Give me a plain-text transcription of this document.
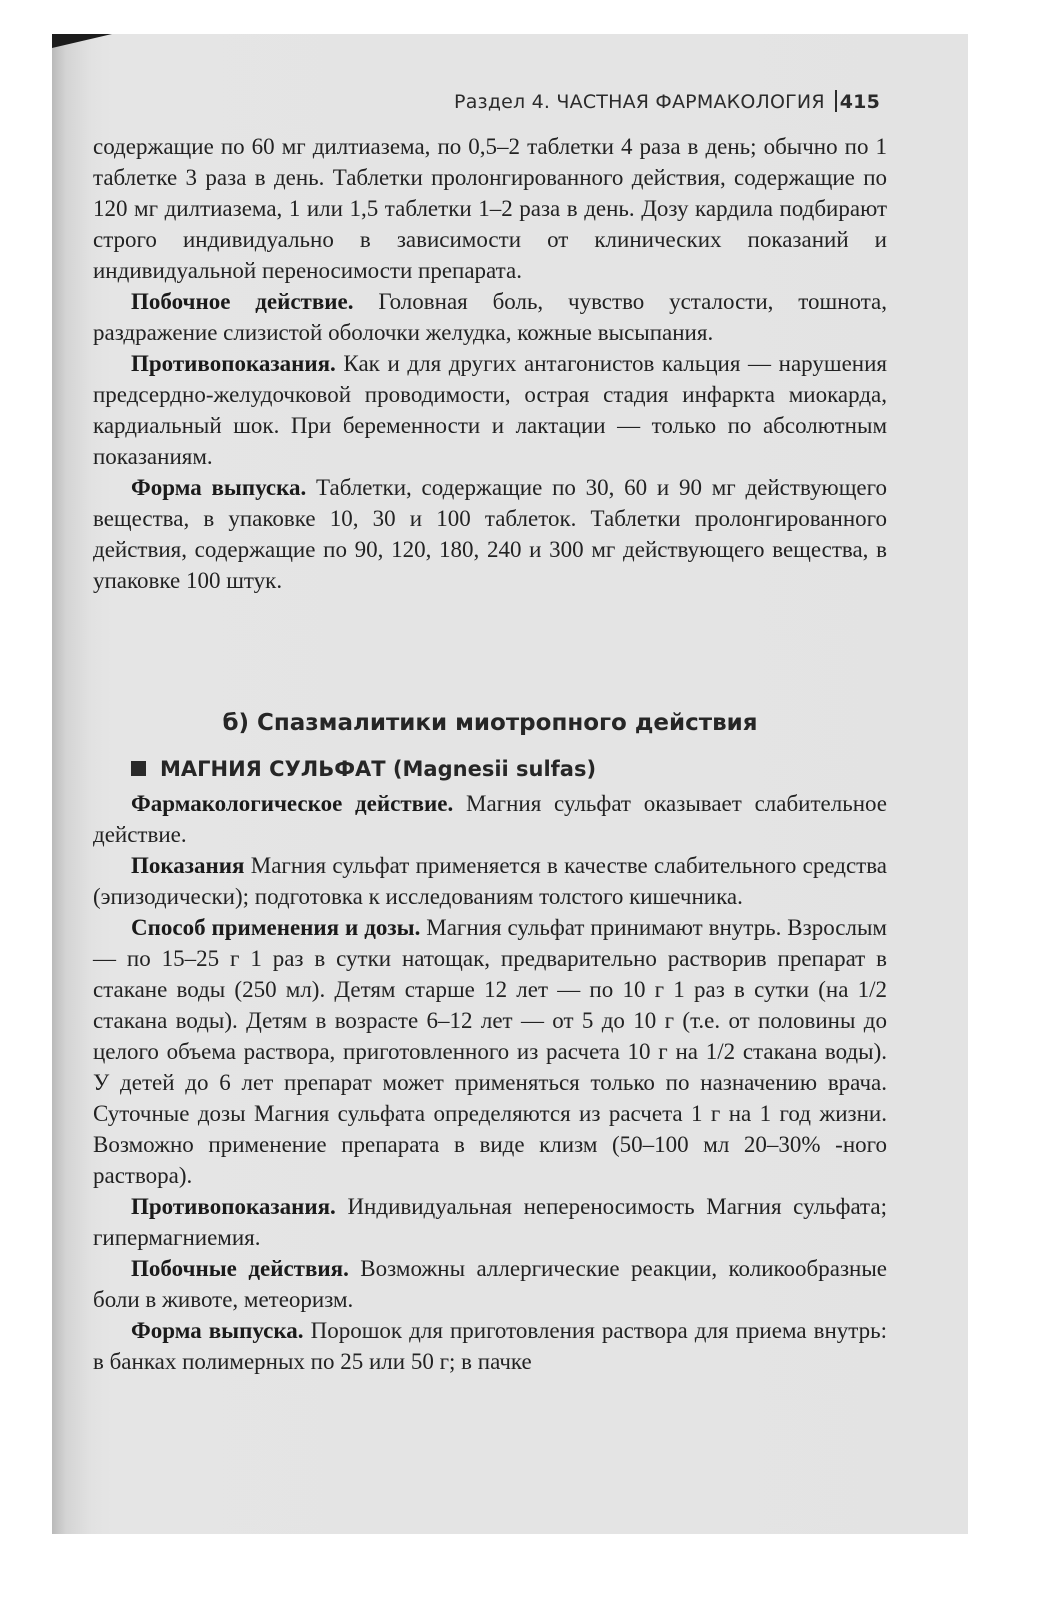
Раздел 4. ЧАСТНАЯ ФАРМАКОЛОГИЯ 415

содержащие по 60 мг дилтиазема, по 0,5–2 таблетки 4 раза в день; обычно по 1 таблетке 3 раза в день. Таблетки пролонгированного действия, содержащие по 120 мг дилтиазема, 1 или 1,5 таблетки 1–2 раза в день. Дозу кардила подбирают строго индивидуально в зависимости от клинических показаний и индивидуальной переносимости препарата.

Побочное действие. Головная боль, чувство усталости, тошнота, раздражение слизистой оболочки желудка, кожные высыпания.

Противопоказания. Как и для других антагонистов кальция — нарушения предсердно-желудочковой проводимости, острая стадия инфаркта миокарда, кардиальный шок. При беременности и лактации — только по абсолютным показаниям.

Форма выпуска. Таблетки, содержащие по 30, 60 и 90 мг действующего вещества, в упаковке 10, 30 и 100 таблеток. Таблетки пролонгированного действия, содержащие по 90, 120, 180, 240 и 300 мг действующего вещества, в упаковке 100 штук.

б) Спазмалитики миотропного действия
МАГНИЯ СУЛЬФАТ (Magnesii sulfas)

Фармакологическое действие. Магния сульфат оказывает слабительное действие.

Показания Магния сульфат применяется в качестве слабительного средства (эпизодически); подготовка к исследованиям толстого кишечника.

Способ применения и дозы. Магния сульфат принимают внутрь. Взрослым — по 15–25 г 1 раз в сутки натощак, предварительно растворив препарат в стакане воды (250 мл). Детям старше 12 лет — по 10 г 1 раз в сутки (на 1/2 стакана воды). Детям в возрасте 6–12 лет — от 5 до 10 г (т.е. от половины до целого объема раствора, приготовленного из расчета 10 г на 1/2 стакана воды). У детей до 6 лет препарат может применяться только по назначению врача. Суточные дозы Магния сульфата определяются из расчета 1 г на 1 год жизни. Возможно применение препарата в виде клизм (50–100 мл 20–30% -ного раствора).

Противопоказания. Индивидуальная непереносимость Магния сульфата; гипермагниемия.

Побочные действия. Возможны аллергические реакции, коликообразные боли в животе, метеоризм.

Форма выпуска. Порошок для приготовления раствора для приема внутрь: в банках полимерных по 25 или 50 г; в пачке
